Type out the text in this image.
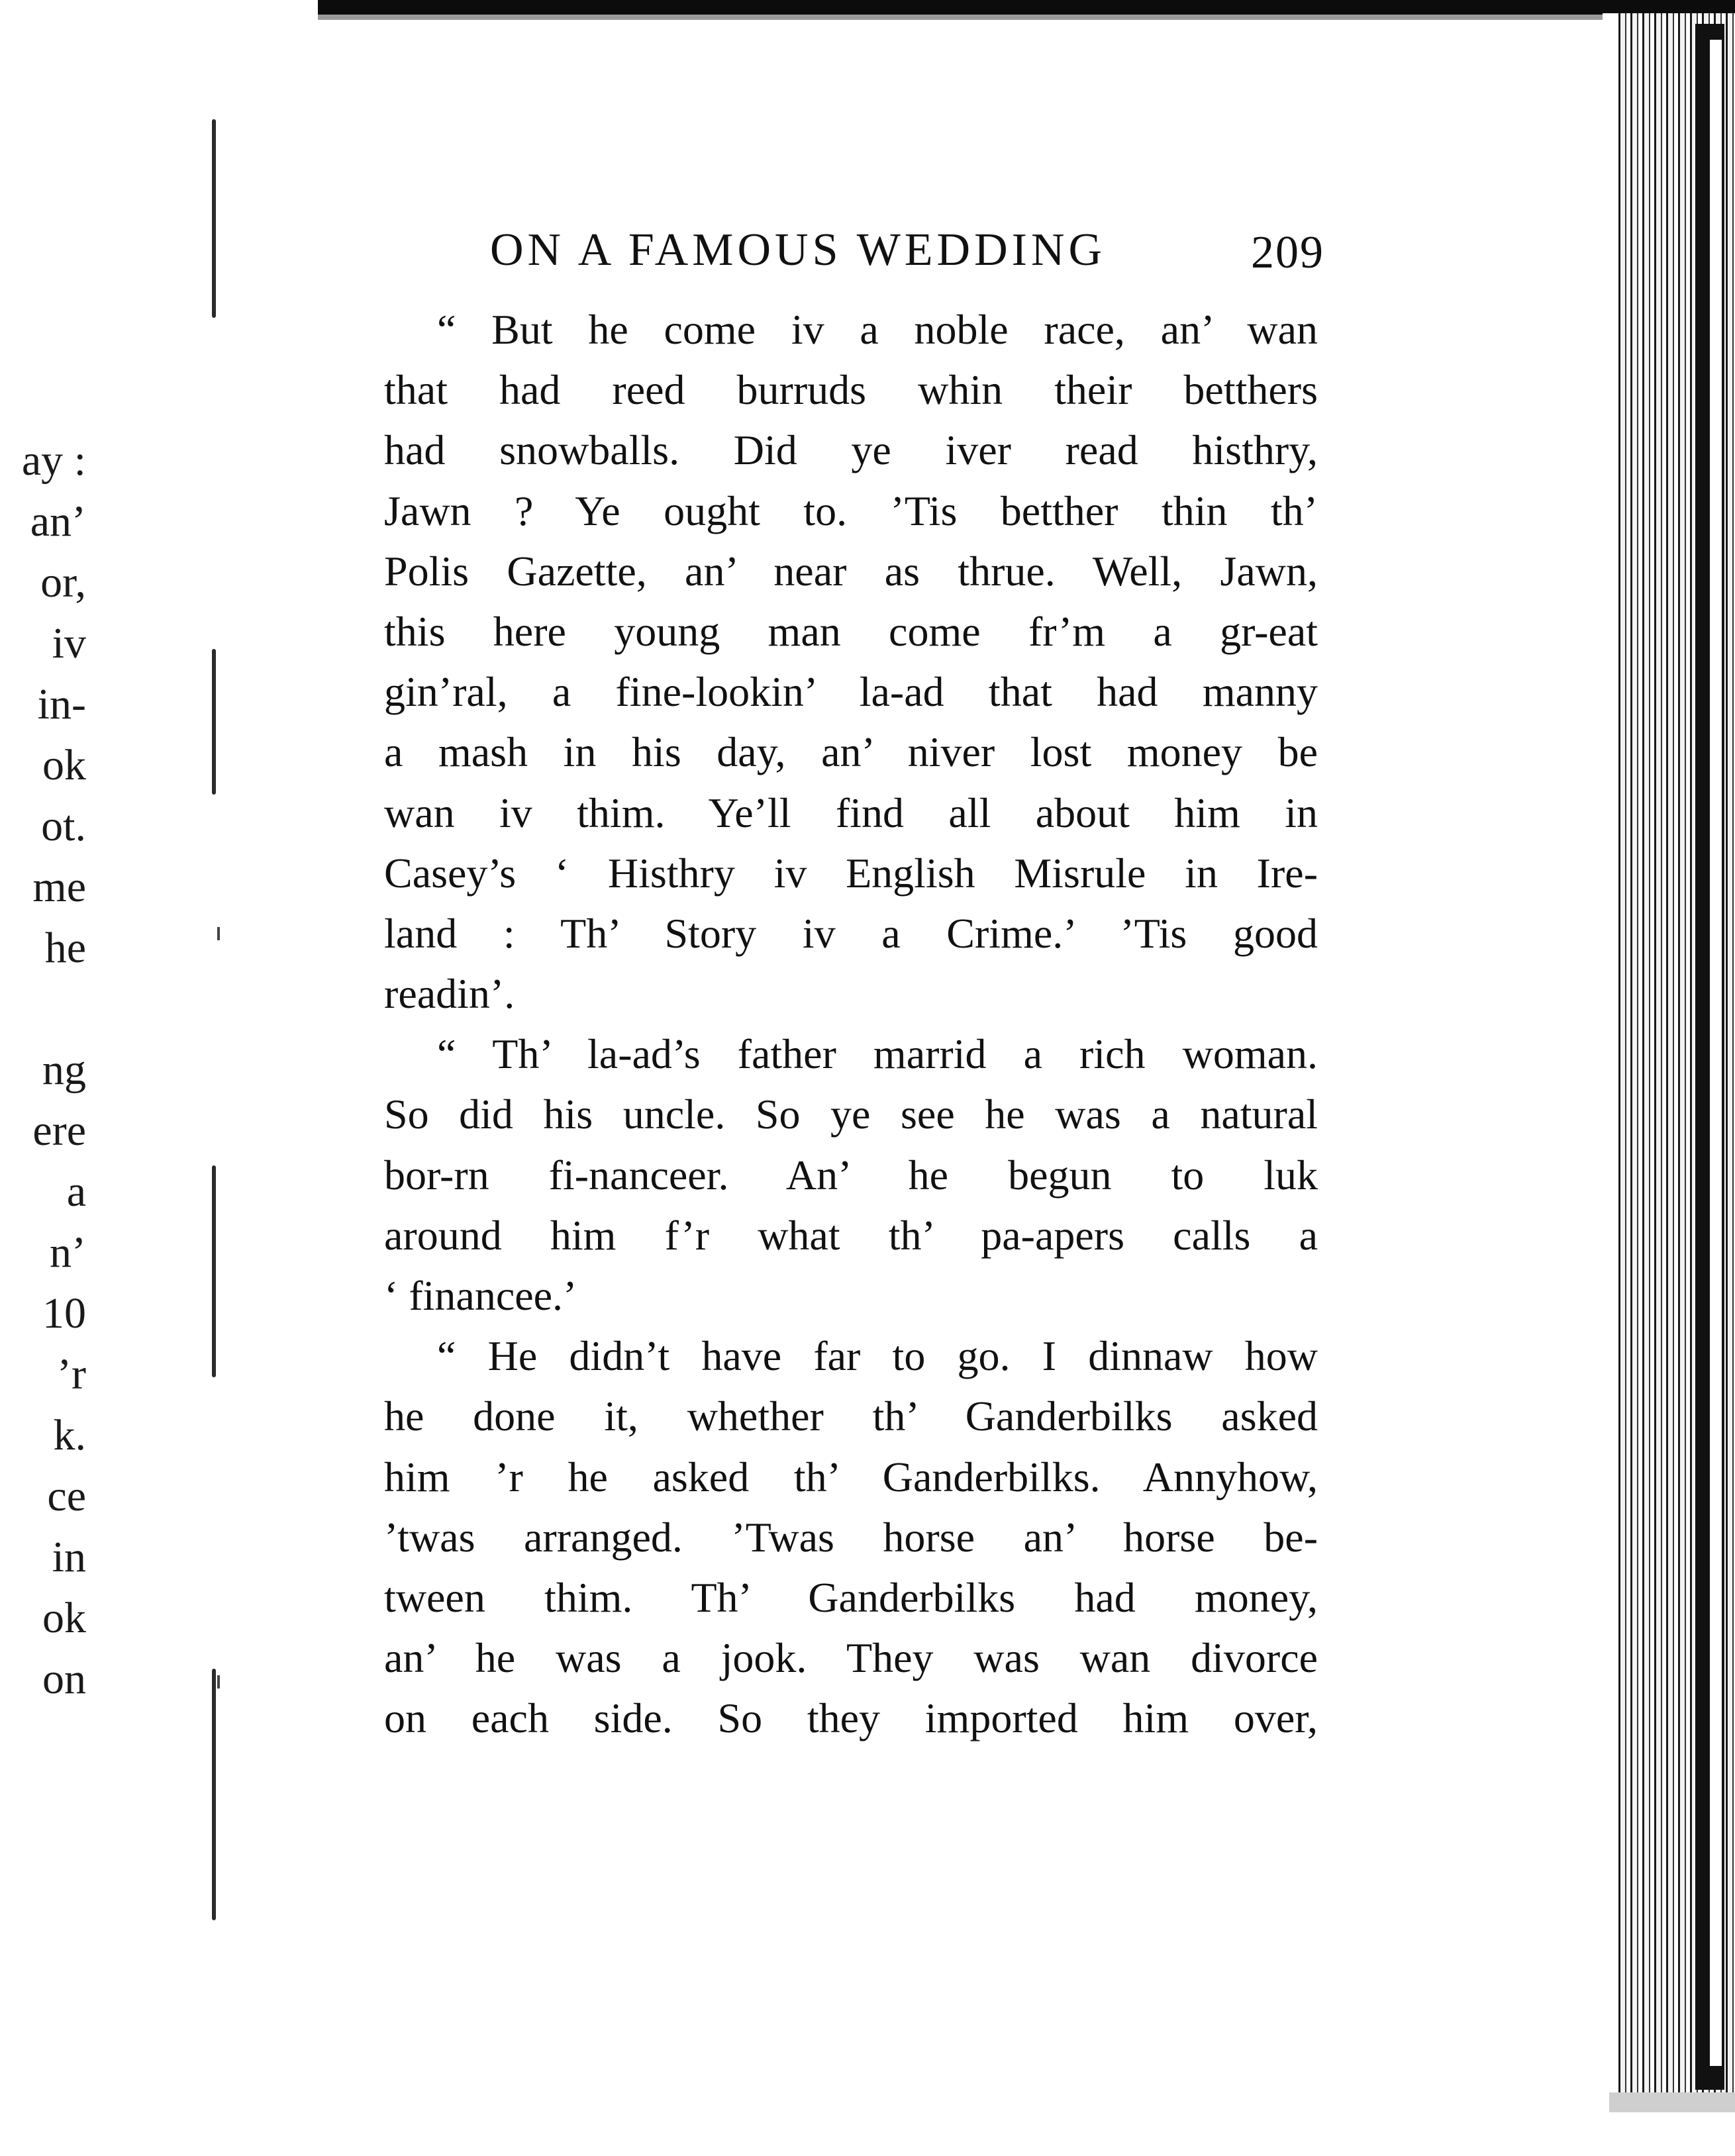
ay :
an’
or,
iv
in-
ok
ot.
me
he
ng
ere
a
n’
10
’r
k.
ce
in
ok
on
ON A FAMOUS WEDDING	209
“ But he come iv a noble race, an’ wan
that had reed burruds whin their betthers
had snowballs. Did ye iver read histhry,
Jawn ? Ye ought to. ’Tis betther thin th’
Polis Gazette, an’ near as thrue. Well, Jawn,
this here young man come fr’m a gr-eat
gin’ral, a fine-lookin’ la-ad that had manny
a mash in his day, an’ niver lost money be
wan iv thim. Ye’ll find all about him in
Casey’s ‘ Histhry iv English Misrule in Ire-
land : Th’ Story iv a Crime.’ ’Tis good
readin’.
“ Th’ la-ad’s father marrid a rich woman.
So did his uncle. So ye see he was a natural
bor-rn fi-nanceer. An’ he begun to luk
around him f’r what th’ pa-apers calls a
‘ financee.’
“ He didn’t have far to go. I dinnaw how
he done it, whether th’ Ganderbilks asked
him ’r he asked th’ Ganderbilks. Annyhow,
’twas arranged. ’Twas horse an’ horse be-
tween thim. Th’ Ganderbilks had money,
an’ he was a jook. They was wan divorce
on each side. So they imported him over,
